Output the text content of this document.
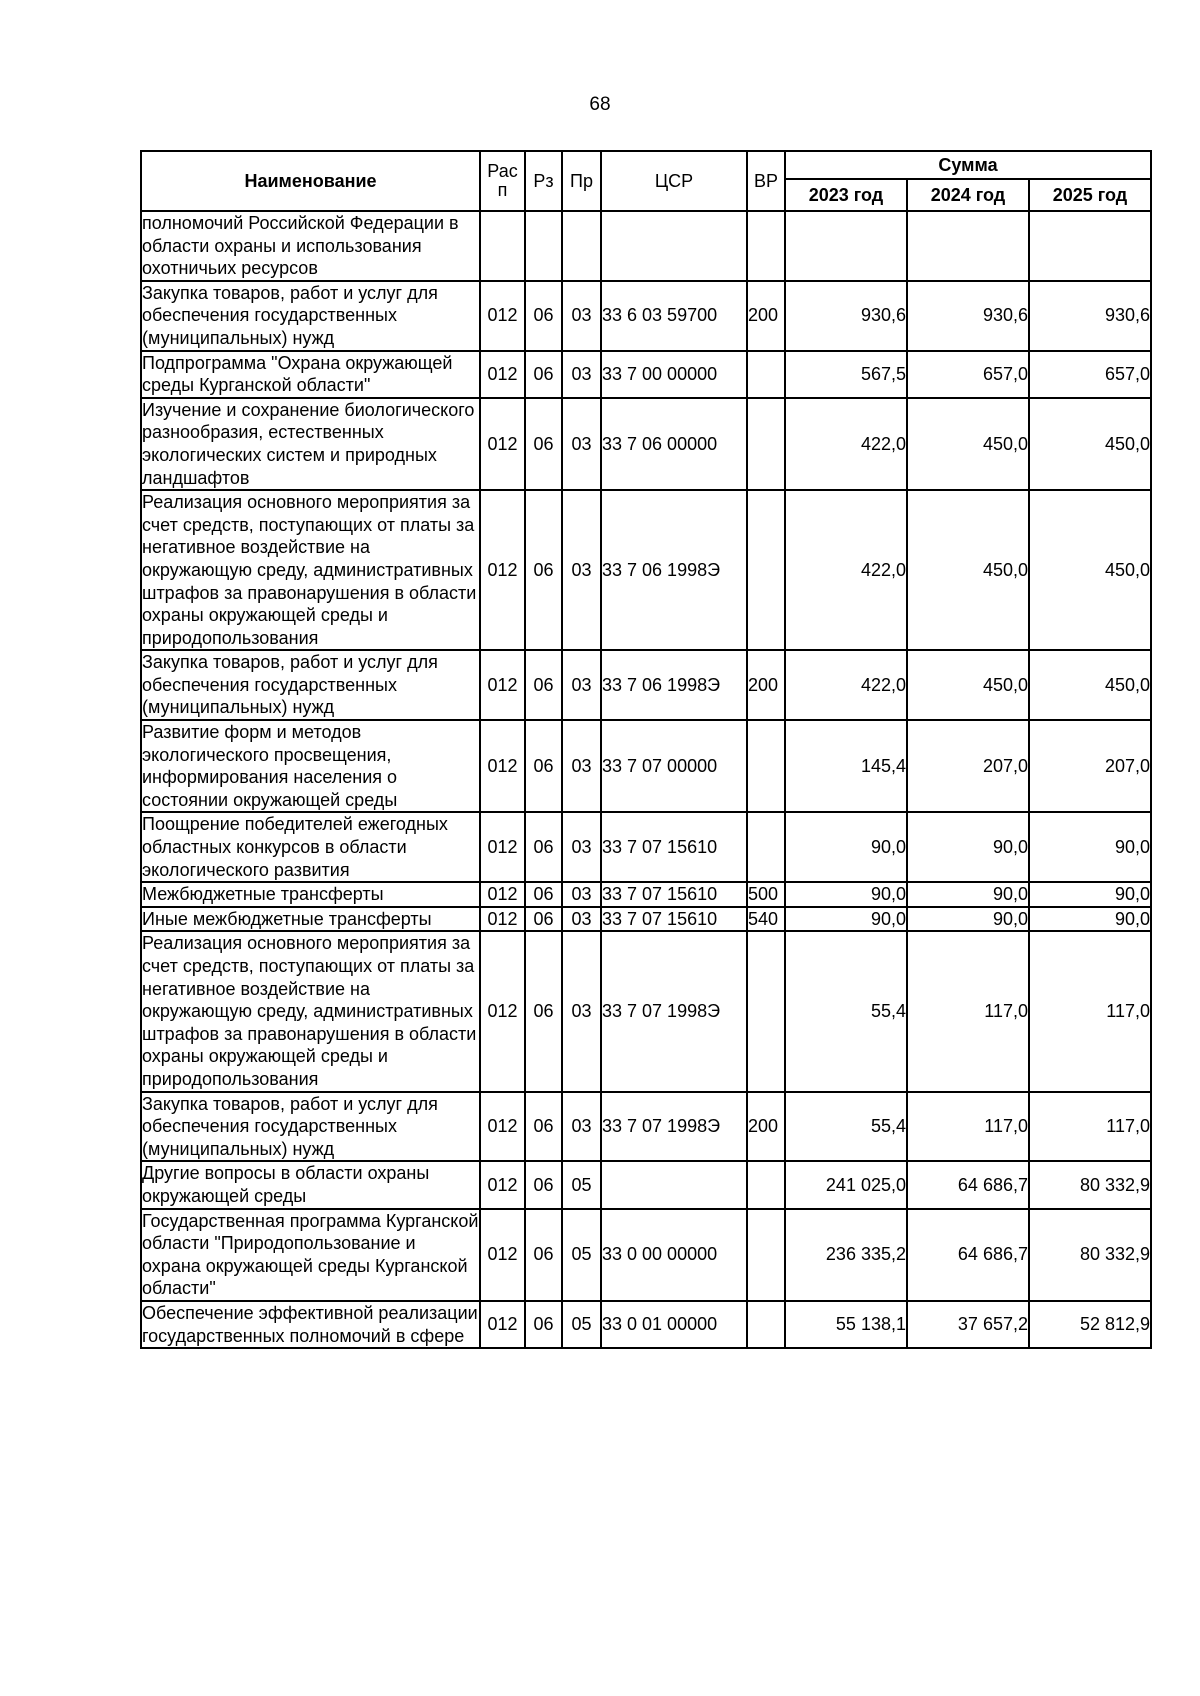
68
Наименование	Рас п	Рз	Пр	ЦСР	ВР	Сумма		
						2023 год	2024 год	2025 год
полномочий Российской Федерации в области охраны и использования охотничьих ресурсов								
Закупка товаров, работ и услуг для обеспечения государственных (муниципальных) нужд	012	06	03	33 6 03 59700	200	930,6	930,6	930,6
Подпрограмма "Охрана окружающей среды Курганской области"	012	06	03	33 7 00 00000		567,5	657,0	657,0
Изучение и сохранение биологического разнообразия, естественных экологических систем и природных ландшафтов	012	06	03	33 7 06 00000		422,0	450,0	450,0
Реализация основного мероприятия за счет средств, поступающих от платы за негативное воздействие на окружающую среду, административных штрафов за правонарушения в области охраны окружающей среды и природопользования	012	06	03	33 7 06 1998Э		422,0	450,0	450,0
Закупка товаров, работ и услуг для обеспечения государственных (муниципальных) нужд	012	06	03	33 7 06 1998Э	200	422,0	450,0	450,0
Развитие форм и методов экологического просвещения, информирования населения о состоянии окружающей среды	012	06	03	33 7 07 00000		145,4	207,0	207,0
Поощрение победителей ежегодных областных конкурсов в области экологического развития	012	06	03	33 7 07 15610		90,0	90,0	90,0
Межбюджетные трансферты	012	06	03	33 7 07 15610	500	90,0	90,0	90,0
Иные межбюджетные трансферты	012	06	03	33 7 07 15610	540	90,0	90,0	90,0
Реализация основного мероприятия за счет средств, поступающих от платы за негативное воздействие на окружающую среду, административных штрафов за правонарушения в области охраны окружающей среды и природопользования	012	06	03	33 7 07 1998Э		55,4	117,0	117,0
Закупка товаров, работ и услуг для обеспечения государственных (муниципальных) нужд	012	06	03	33 7 07 1998Э	200	55,4	117,0	117,0
Другие вопросы в области охраны окружающей среды	012	06	05			241 025,0	64 686,7	80 332,9
Государственная программа Курганской области "Природопользование и охрана окружающей среды Курганской области"	012	06	05	33 0 00 00000		236 335,2	64 686,7	80 332,9
Обеспечение эффективной реализации государственных полномочий в сфере	012	06	05	33 0 01 00000		55 138,1	37 657,2	52 812,9
